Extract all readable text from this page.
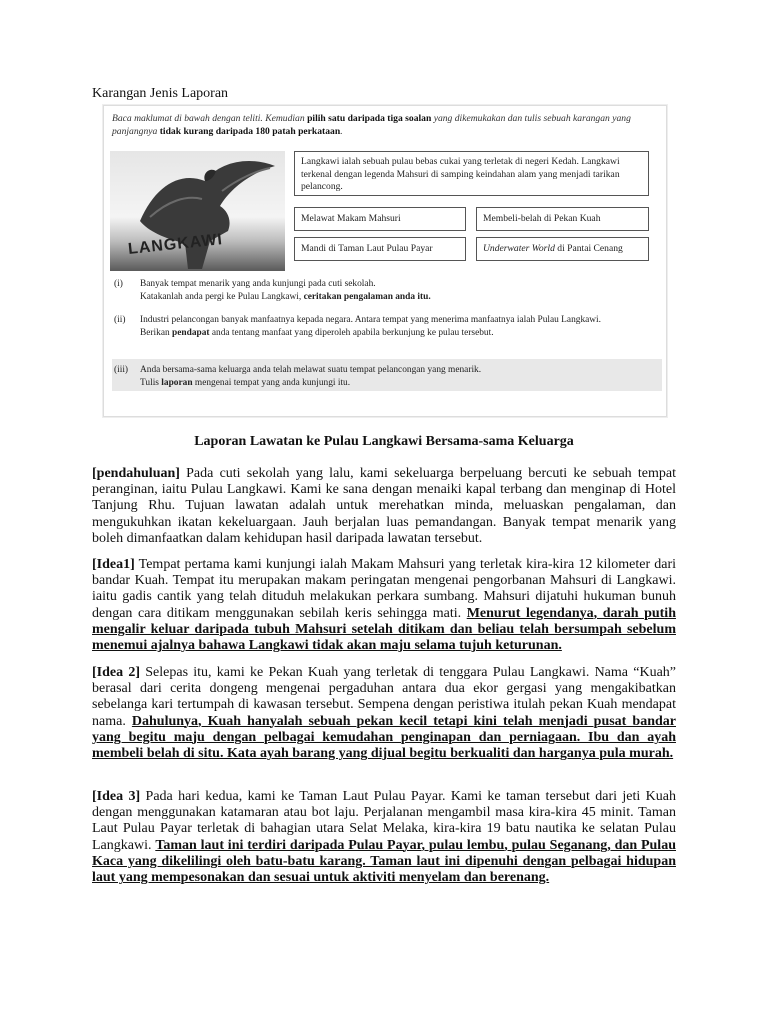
Karangan Jenis Laporan
Baca maklumat di bawah dengan teliti. Kemudian pilih satu daripada tiga soalan yang dikemukakan dan tulis sebuah karangan yang panjangnya tidak kurang daripada 180 patah perkataan.
LANGKAWI
Langkawi ialah sebuah pulau bebas cukai yang terletak di negeri Kedah. Langkawi terkenal dengan legenda Mahsuri di samping keindahan alam yang menjadi tarikan pelancong.
Melawat Makam Mahsuri	Membeli-belah di Pekan Kuah
Mandi di Taman Laut Pulau Payar	Underwater World di Pantai Cenang
(i) Banyak tempat menarik yang anda kunjungi pada cuti sekolah.
Katakanlah anda pergi ke Pulau Langkawi, ceritakan pengalaman anda itu.
(ii) Industri pelancongan banyak manfaatnya kepada negara. Antara tempat yang menerima manfaatnya ialah Pulau Langkawi.
Berikan pendapat anda tentang manfaat yang diperoleh apabila berkunjung ke pulau tersebut.
(iii) Anda bersama-sama keluarga anda telah melawat suatu tempat pelancongan yang menarik.
Tulis laporan mengenai tempat yang anda kunjungi itu.
Laporan Lawatan ke Pulau Langkawi Bersama-sama Keluarga
[pendahuluan] Pada cuti sekolah yang lalu, kami sekeluarga berpeluang bercuti ke sebuah tempat peranginan, iaitu Pulau Langkawi. Kami ke sana dengan menaiki kapal terbang dan menginap di Hotel Tanjung Rhu. Tujuan lawatan adalah untuk merehatkan minda, meluaskan pengalaman, dan mengukuhkan ikatan kekeluargaan. Jauh berjalan luas pemandangan. Banyak tempat menarik yang boleh dimanfaatkan dalam kehidupan hasil daripada lawatan tersebut.
[Idea1] Tempat pertama kami kunjungi ialah Makam Mahsuri yang terletak kira-kira 12 kilometer dari bandar Kuah. Tempat itu merupakan makam peringatan mengenai pengorbanan Mahsuri di Langkawi. iaitu gadis cantik yang telah dituduh melakukan perkara sumbang. Mahsuri dijatuhi hukuman bunuh dengan cara ditikam menggunakan sebilah keris sehingga mati. Menurut legendanya, darah putih mengalir keluar daripada tubuh Mahsuri setelah ditikam dan beliau telah bersumpah sebelum menemui ajalnya bahawa Langkawi tidak akan maju selama tujuh keturunan.
[Idea 2] Selepas itu, kami ke Pekan Kuah yang terletak di tenggara Pulau Langkawi. Nama “Kuah” berasal dari cerita dongeng mengenai pergaduhan antara dua ekor gergasi yang mengakibatkan sebelanga kari tertumpah di kawasan tersebut. Sempena dengan peristiwa itulah pekan Kuah mendapat nama. Dahulunya, Kuah hanyalah sebuah pekan kecil tetapi kini telah menjadi pusat bandar yang begitu maju dengan pelbagai kemudahan penginapan dan perniagaan. Ibu dan ayah membeli belah di situ. Kata ayah barang yang dijual begitu berkualiti dan harganya pula murah.
[Idea 3] Pada hari kedua, kami ke Taman Laut Pulau Payar. Kami ke taman tersebut dari jeti Kuah dengan menggunakan katamaran atau bot laju. Perjalanan mengambil masa kira-kira 45 minit. Taman Laut Pulau Payar terletak di bahagian utara Selat Melaka, kira-kira 19 batu nautika ke selatan Pulau Langkawi. Taman laut ini terdiri daripada Pulau Payar, pulau lembu, pulau Seganang, dan Pulau Kaca yang dikelilingi oleh batu-batu karang. Taman laut ini dipenuhi dengan pelbagai hidupan laut yang mempesonakan dan sesuai untuk aktiviti menyelam dan berenang.
